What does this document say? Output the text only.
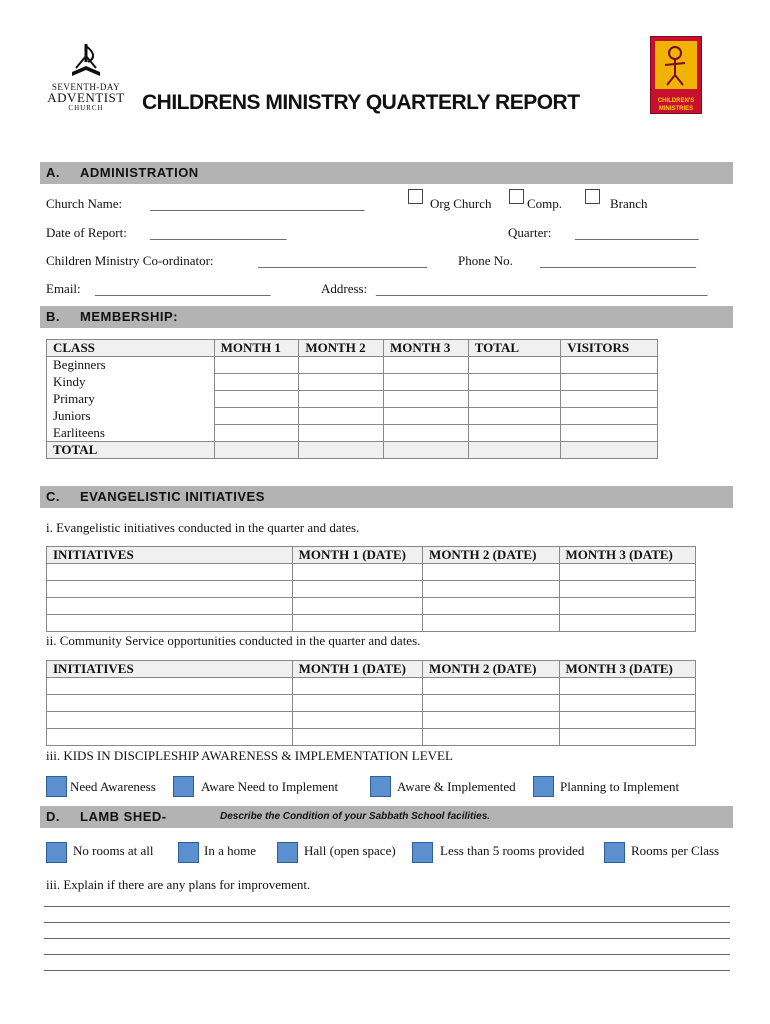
SEVENTH-DAY
ADVENTIST
CHURCH	CHILDRENS MINISTRY QUARTERLY REPORT	CHILDREN'S MINISTRIES
A. ADMINISTRATION
Church Name: _________________________________	Org Church	Comp.	Branch
Date of Report: _____________________	Quarter: ___________________
Children Ministry Co-ordinator:	__________________________ Phone No. ________________________
Email: ___________________________	Address: ___________________________________________________
B. MEMBERSHIP:
CLASS	MONTH 1	MONTH 2	MONTH 3	TOTAL	VISITORS
Beginners					
Kindy					
Primary					
Juniors					
Earliteens					
TOTAL					
C. EVANGELISTIC INITIATIVES
i. Evangelistic initiatives conducted in the quarter and dates.
INITIATIVES	MONTH 1 (DATE)	MONTH 2 (DATE)	MONTH 3 (DATE)

ii. Community Service opportunities conducted in the quarter and dates.
INITIATIVES	MONTH 1 (DATE)	MONTH 2 (DATE)	MONTH 3 (DATE)

iii. KIDS IN DISCIPLESHIP AWARENESS & IMPLEMENTATION LEVEL
Need Awareness	Aware Need to Implement	Aware & Implemented	Planning to Implement
D. LAMB SHED-	Describe the Condition of your Sabbath School facilities.
No rooms at all	In a home	Hall (open space)	Less than 5 rooms provided	Rooms per Class
iii. Explain if there are any plans for improvement.
